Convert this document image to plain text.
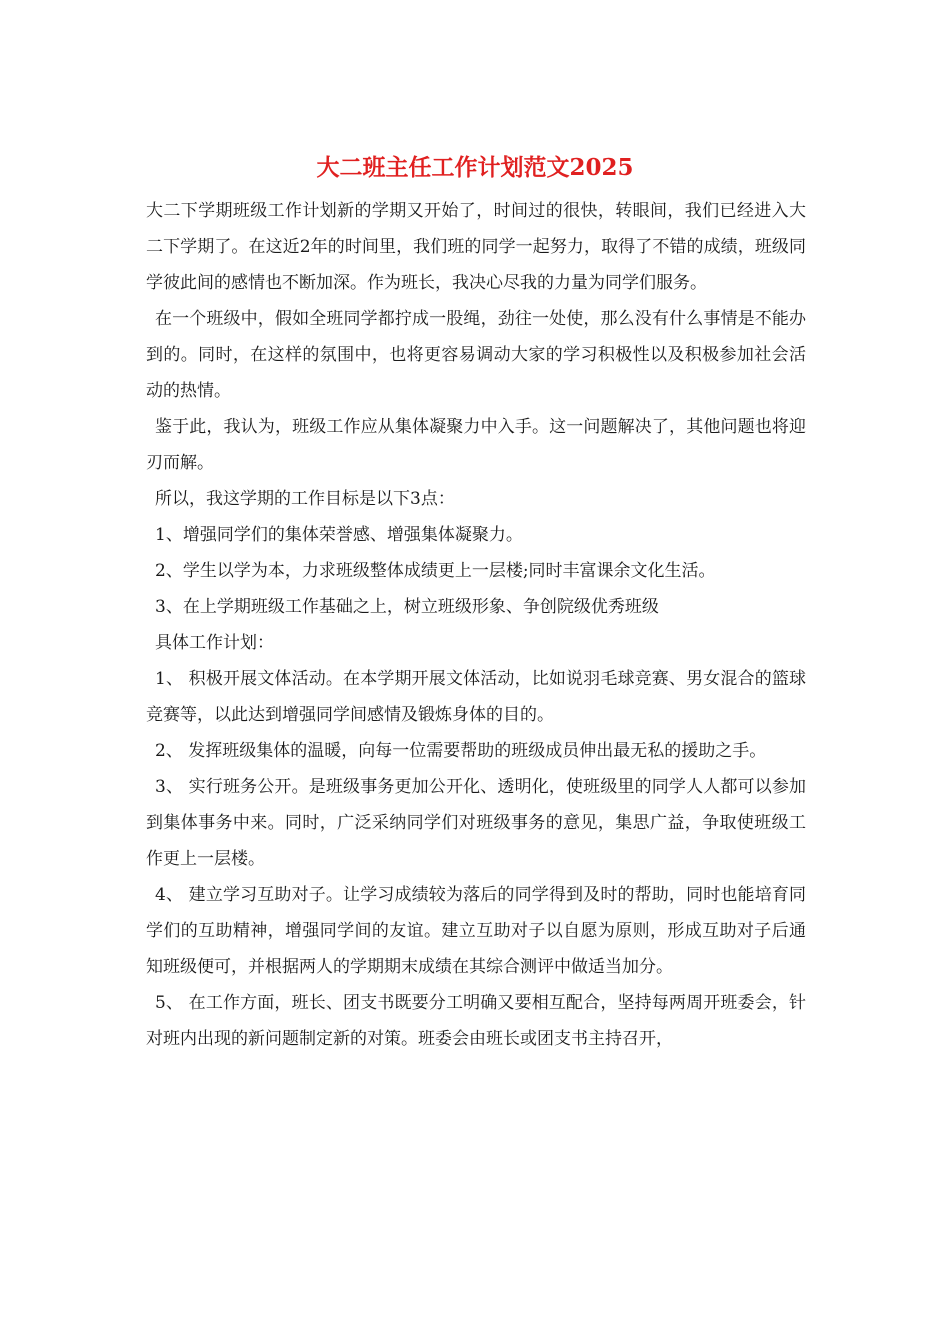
大二班主任工作计划范文2025

大二下学期班级工作计划新的学期又开始了，时间过的很快，转眼间，我们已经进入大二下学期了。在这近2年的时间里，我们班的同学一起努力，取得了不错的成绩，班级同学彼此间的感情也不断加深。作为班长，我决心尽我的力量为同学们服务。

在一个班级中，假如全班同学都拧成一股绳，劲往一处使，那么没有什么事情是不能办到的。同时，在这样的氛围中，也将更容易调动大家的学习积极性以及积极参加社会活动的热情。

鉴于此，我认为，班级工作应从集体凝聚力中入手。这一问题解决了，其他问题也将迎刃而解。

所以，我这学期的工作目标是以下3点：

1、增强同学们的集体荣誉感、增强集体凝聚力。

2、学生以学为本，力求班级整体成绩更上一层楼;同时丰富课余文化生活。

3、在上学期班级工作基础之上，树立班级形象、争创院级优秀班级

具体工作计划：

1、 积极开展文体活动。在本学期开展文体活动，比如说羽毛球竞赛、男女混合的篮球竞赛等，以此达到增强同学间感情及锻炼身体的目的。

2、 发挥班级集体的温暖，向每一位需要帮助的班级成员伸出最无私的援助之手。

3、 实行班务公开。是班级事务更加公开化、透明化，使班级里的同学人人都可以参加到集体事务中来。同时，广泛采纳同学们对班级事务的意见，集思广益，争取使班级工作更上一层楼。

4、 建立学习互助对子。让学习成绩较为落后的同学得到及时的帮助，同时也能培育同学们的互助精神，增强同学间的友谊。建立互助对子以自愿为原则，形成互助对子后通知班级便可，并根据两人的学期期末成绩在其综合测评中做适当加分。

5、 在工作方面，班长、团支书既要分工明确又要相互配合，坚持每两周开班委会，针对班内出现的新问题制定新的对策。班委会由班长或团支书主持召开，
